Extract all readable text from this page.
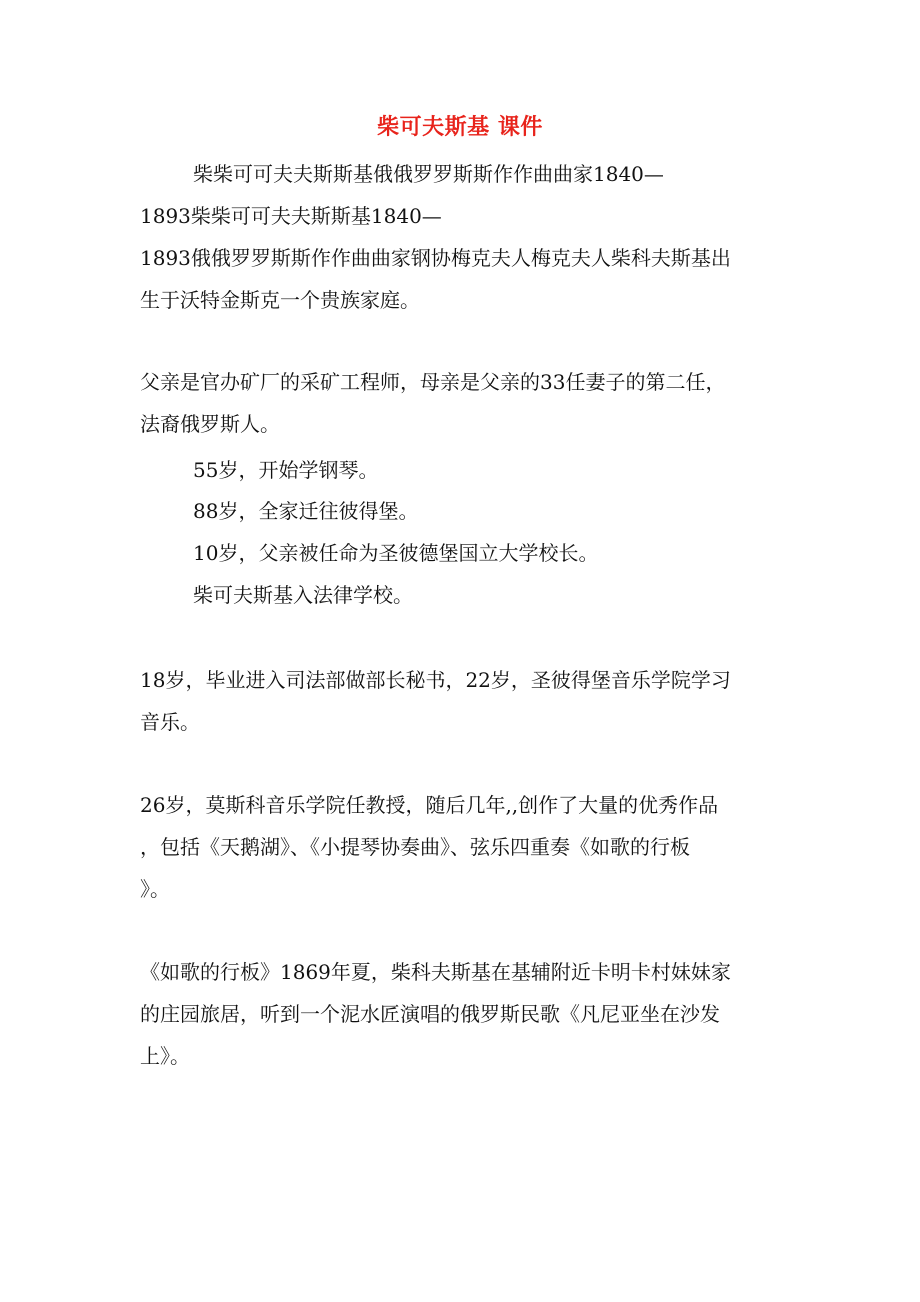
柴可夫斯基 课件
柴柴可可夫夫斯斯基俄俄罗罗斯斯作作曲曲家1840—
1893柴柴可可夫夫斯斯基1840—
1893俄俄罗罗斯斯作作曲曲家钢协梅克夫人梅克夫人柴科夫斯基出
生于沃特金斯克一个贵族家庭。
父亲是官办矿厂的采矿工程师，母亲是父亲的33任妻子的第二任，
法裔俄罗斯人。
55岁，开始学钢琴。
88岁，全家迁往彼得堡。
10岁，父亲被任命为圣彼德堡国立大学校长。
柴可夫斯基入法律学校。
18岁，毕业进入司法部做部长秘书，22岁，圣彼得堡音乐学院学习
音乐。
26岁，莫斯科音乐学院任教授，随后几年,,创作了大量的优秀作品
，包括《天鹅湖》、《小提琴协奏曲》、弦乐四重奏《如歌的行板
》。
《如歌的行板》1869年夏，柴科夫斯基在基辅附近卡明卡村妹妹家
的庄园旅居，听到一个泥水匠演唱的俄罗斯民歌《凡尼亚坐在沙发
上》。
